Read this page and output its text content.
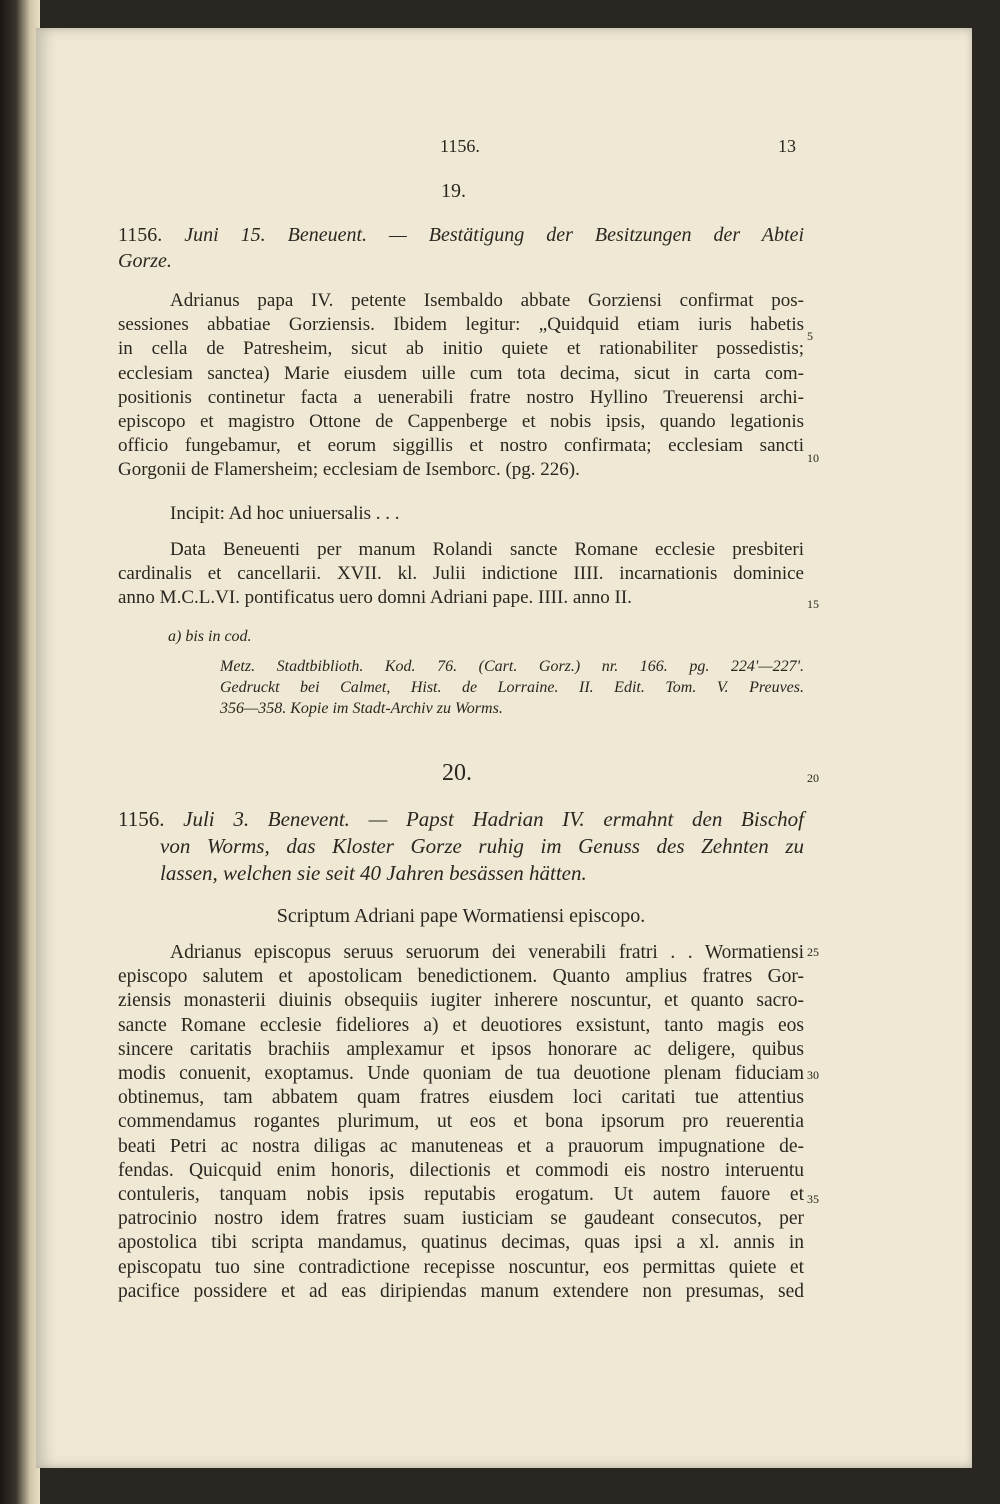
1156.	13
19.
1156. Juni 15. Beneuent. — Bestätigung der Besitzungen der Abtei
Gorze.
Adrianus papa IV. petente Isembaldo abbate Gorziensi confirmat pos-
sessiones abbatiae Gorziensis. Ibidem legitur: „Quidquid etiam iuris habetis
in cella de Patresheim, sicut ab initio quiete et rationabiliter possedistis;
ecclesiam sanctea) Marie eiusdem uille cum tota decima, sicut in carta com-
positionis continetur facta a uenerabili fratre nostro Hyllino Treuerensi archi-
episcopo et magistro Ottone de Cappenberge et nobis ipsis, quando legationis
officio fungebamur, et eorum siggillis et nostro confirmata; ecclesiam sancti
Gorgonii de Flamersheim; ecclesiam de Isemborc. (pg. 226).
Incipit: Ad hoc uniuersalis . . .
Data Beneuenti per manum Rolandi sancte Romane ecclesie presbiteri
cardinalis et cancellarii. XVII. kl. Julii indictione IIII. incarnationis dominice
anno M.C.L.VI. pontificatus uero domni Adriani pape. IIII. anno II.
a) bis in cod.
Metz. Stadtbiblioth. Kod. 76. (Cart. Gorz.) nr. 166. pg. 224'—227'.
Gedruckt bei Calmet, Hist. de Lorraine. II. Edit. Tom. V. Preuves.
356—358. Kopie im Stadt-Archiv zu Worms.
20.
1156. Juli 3. Benevent. — Papst Hadrian IV. ermahnt den Bischof
von Worms, das Kloster Gorze ruhig im Genuss des Zehnten zu
lassen, welchen sie seit 40 Jahren besässen hätten.
Scriptum Adriani pape Wormatiensi episcopo.
Adrianus episcopus seruus seruorum dei venerabili fratri . . Wormatiensi
episcopo salutem et apostolicam benedictionem. Quanto amplius fratres Gor-
ziensis monasterii diuinis obsequiis iugiter inherere noscuntur, et quanto sacro-
sancte Romane ecclesie fideliores a) et deuotiores exsistunt, tanto magis eos
sincere caritatis brachiis amplexamur et ipsos honorare ac deligere, quibus
modis conuenit, exoptamus. Unde quoniam de tua deuotione plenam fiduciam
obtinemus, tam abbatem quam fratres eiusdem loci caritati tue attentius
commendamus rogantes plurimum, ut eos et bona ipsorum pro reuerentia
beati Petri ac nostra diligas ac manuteneas et a prauorum impugnatione de-
fendas. Quicquid enim honoris, dilectionis et commodi eis nostro interuentu
contuleris, tanquam nobis ipsis reputabis erogatum. Ut autem fauore et
patrocinio nostro idem fratres suam iusticiam se gaudeant consecutos, per
apostolica tibi scripta mandamus, quatinus decimas, quas ipsi a xl. annis in
episcopatu tuo sine contradictione recepisse noscuntur, eos permittas quiete et
pacifice possidere et ad eas diripiendas manum extendere non presumas, sed
5
10
15
20
25
30
35
